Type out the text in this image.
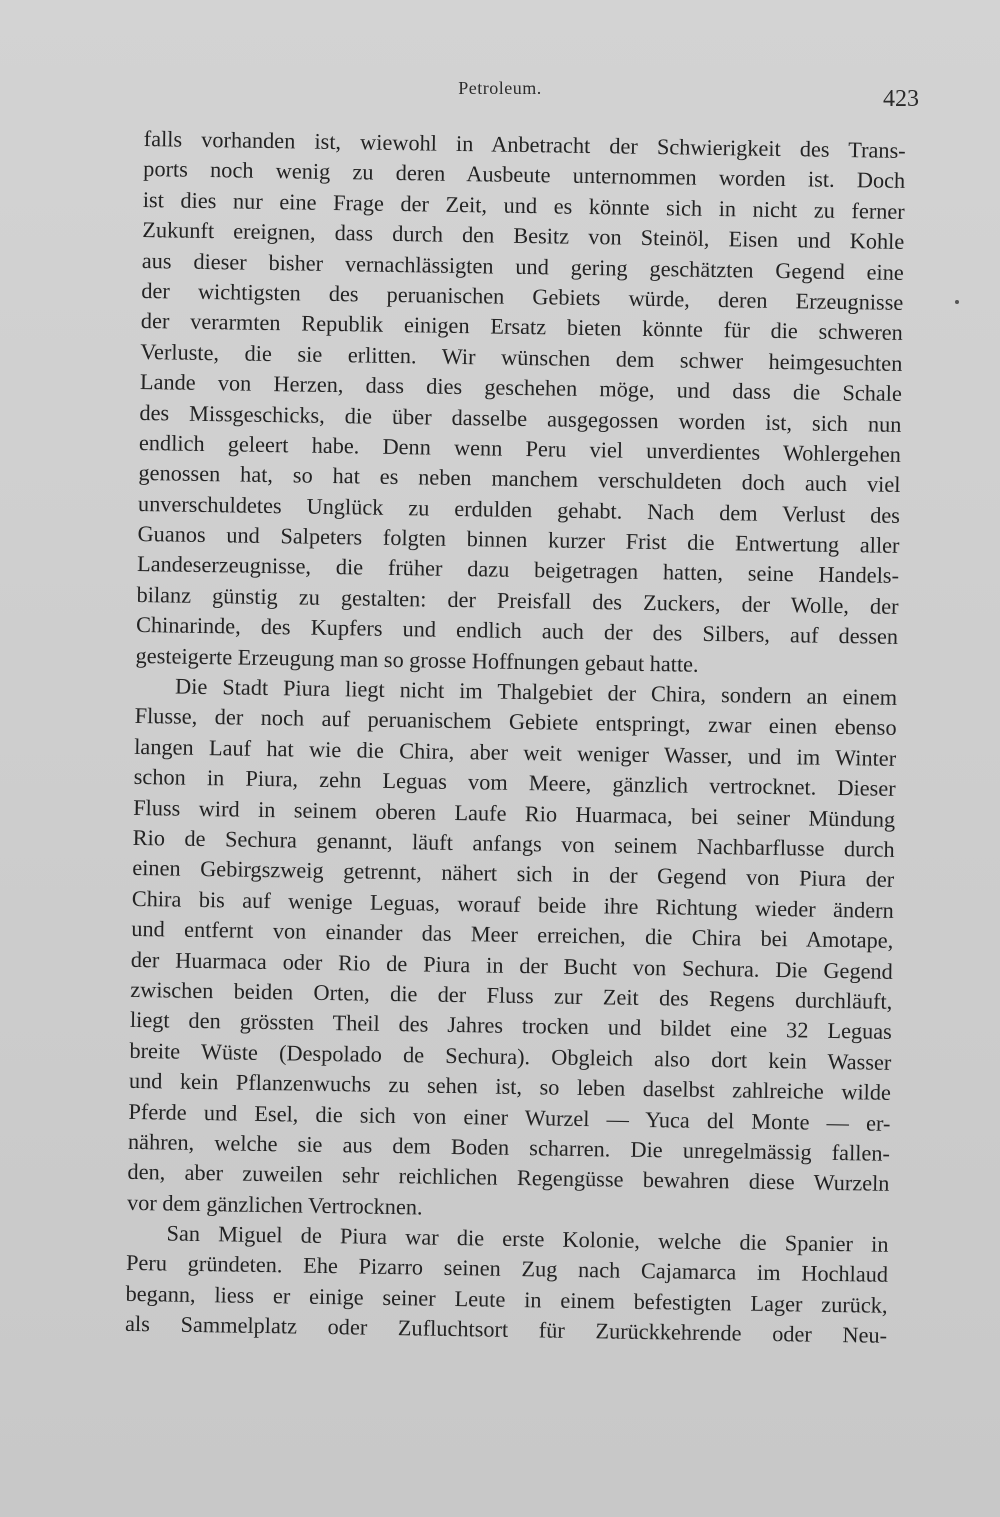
Petroleum.	423
falls vorhanden ist, wiewohl in Anbetracht der Schwierigkeit des Trans-
ports noch wenig zu deren Ausbeute unternommen worden ist. Doch
ist dies nur eine Frage der Zeit, und es könnte sich in nicht zu ferner
Zukunft ereignen, dass durch den Besitz von Steinöl, Eisen und Kohle
aus dieser bisher vernachlässigten und gering geschätzten Gegend eine
der wichtigsten des peruanischen Gebiets würde, deren Erzeugnisse
der verarmten Republik einigen Ersatz bieten könnte für die schweren
Verluste, die sie erlitten. Wir wünschen dem schwer heimgesuchten
Lande von Herzen, dass dies geschehen möge, und dass die Schale
des Missgeschicks, die über dasselbe ausgegossen worden ist, sich nun
endlich geleert habe. Denn wenn Peru viel unverdientes Wohlergehen
genossen hat, so hat es neben manchem verschuldeten doch auch viel
unverschuldetes Unglück zu erdulden gehabt. Nach dem Verlust des
Guanos und Salpeters folgten binnen kurzer Frist die Entwertung aller
Landeserzeugnisse, die früher dazu beigetragen hatten, seine Handels-
bilanz günstig zu gestalten: der Preisfall des Zuckers, der Wolle, der
Chinarinde, des Kupfers und endlich auch der des Silbers, auf dessen
gesteigerte Erzeugung man so grosse Hoffnungen gebaut hatte.
Die Stadt Piura liegt nicht im Thalgebiet der Chira, sondern an einem
Flusse, der noch auf peruanischem Gebiete entspringt, zwar einen ebenso
langen Lauf hat wie die Chira, aber weit weniger Wasser, und im Winter
schon in Piura, zehn Leguas vom Meere, gänzlich vertrocknet. Dieser
Fluss wird in seinem oberen Laufe Rio Huarmaca, bei seiner Mündung
Rio de Sechura genannt, läuft anfangs von seinem Nachbarflusse durch
einen Gebirgszweig getrennt, nähert sich in der Gegend von Piura der
Chira bis auf wenige Leguas, worauf beide ihre Richtung wieder ändern
und entfernt von einander das Meer erreichen, die Chira bei Amotape,
der Huarmaca oder Rio de Piura in der Bucht von Sechura. Die Gegend
zwischen beiden Orten, die der Fluss zur Zeit des Regens durchläuft,
liegt den grössten Theil des Jahres trocken und bildet eine 32 Leguas
breite Wüste (Despolado de Sechura). Obgleich also dort kein Wasser
und kein Pflanzenwuchs zu sehen ist, so leben daselbst zahlreiche wilde
Pferde und Esel, die sich von einer Wurzel — Yuca del Monte — er-
nähren, welche sie aus dem Boden scharren. Die unregelmässig fallen-
den, aber zuweilen sehr reichlichen Regengüsse bewahren diese Wurzeln
vor dem gänzlichen Vertrocknen.
San Miguel de Piura war die erste Kolonie, welche die Spanier in
Peru gründeten. Ehe Pizarro seinen Zug nach Cajamarca im Hochlaud
begann, liess er einige seiner Leute in einem befestigten Lager zurück,
als Sammelplatz oder Zufluchtsort für Zurückkehrende oder Neu-
